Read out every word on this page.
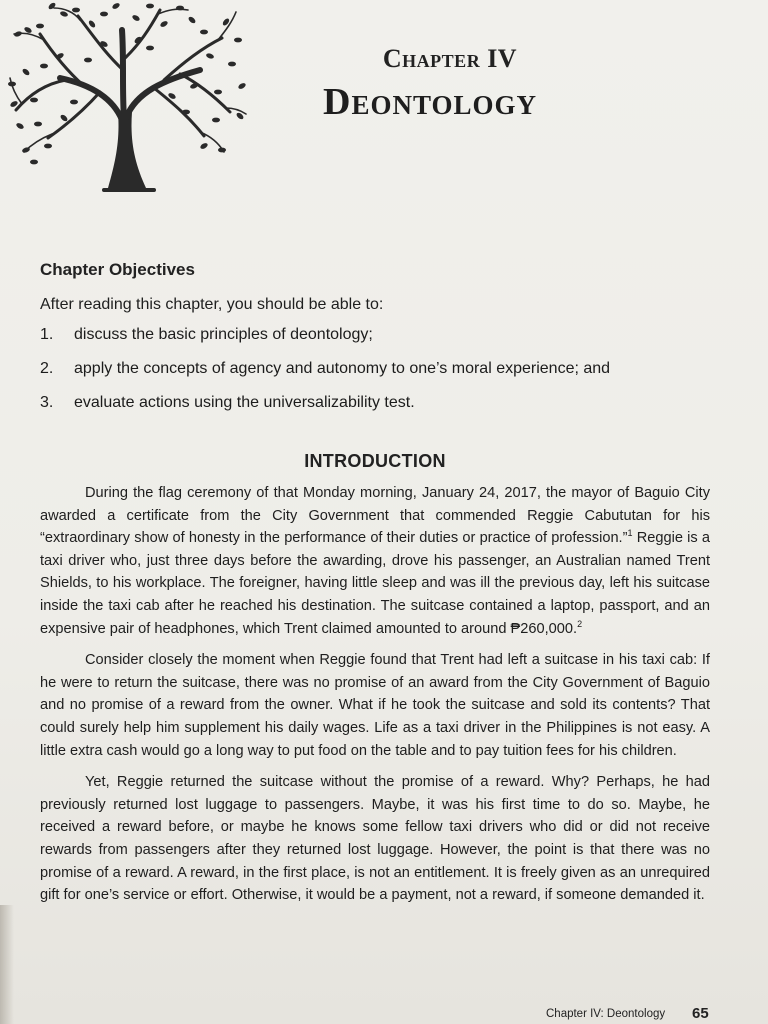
Chapter IV
Deontology
Chapter Objectives
After reading this chapter, you should be able to:
1.	discuss the basic principles of deontology;
2.	apply the concepts of agency and autonomy to one’s moral experience; and
3.	evaluate actions using the universalizability test.
INTRODUCTION

During the flag ceremony of that Monday morning, January 24, 2017, the mayor of Baguio City awarded a certificate from the City Government that commended Reggie Cabututan for his “extraordinary show of honesty in the performance of their duties or practice of profession.”$^1$ Reggie is a taxi driver who, just three days before the awarding, drove his passenger, an Australian named Trent Shields, to his workplace. The foreigner, having little sleep and was ill the previous day, left his suitcase inside the taxi cab after he reached his destination. The suitcase contained a laptop, passport, and an expensive pair of headphones, which Trent claimed amounted to around ₱260,000.$^2$

Consider closely the moment when Reggie found that Trent had left a suitcase in his taxi cab: If he were to return the suitcase, there was no promise of an award from the City Government of Baguio and no promise of a reward from the owner. What if he took the suitcase and sold its contents? That could surely help him supplement his daily wages. Life as a taxi driver in the Philippines is not easy. A little extra cash would go a long way to put food on the table and to pay tuition fees for his children.

Yet, Reggie returned the suitcase without the promise of a reward. Why? Perhaps, he had previously returned lost luggage to passengers. Maybe, it was his first time to do so. Maybe, he received a reward before, or maybe he knows some fellow taxi drivers who did or did not receive rewards from passengers after they returned lost luggage. However, the point is that there was no promise of a reward. A reward, in the first place, is not an entitlement. It is freely given as an unrequired gift for one’s service or effort. Otherwise, it would be a payment, not a reward, if someone demanded it.

Chapter IV: Deontology 65
